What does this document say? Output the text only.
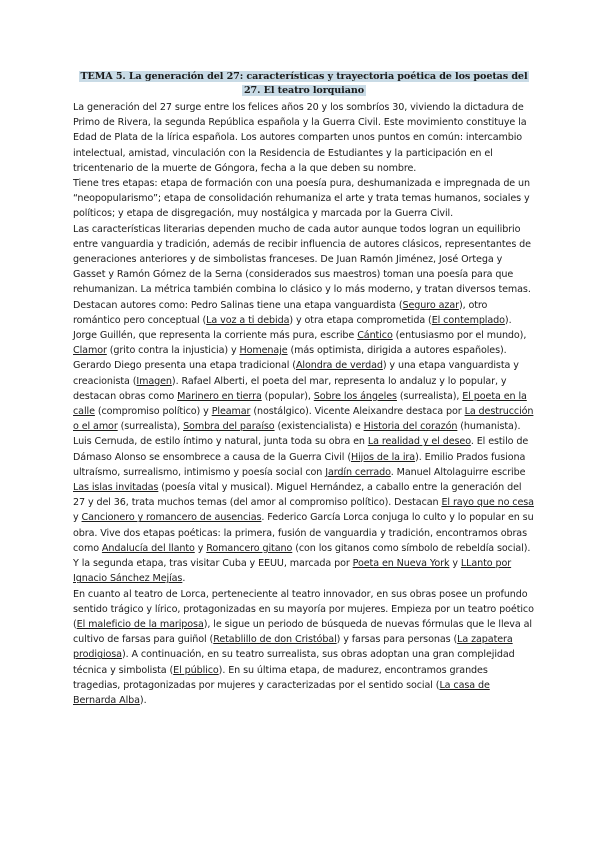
TEMA 5. La generación del 27: características y trayectoria poética de los poetas del 27. El teatro lorquiano

La generación del 27 surge entre los felices años 20 y los sombríos 30, viviendo la dictadura de Primo de Rivera, la segunda República española y la Guerra Civil. Este movimiento constituye la Edad de Plata de la lírica española. Los autores comparten unos puntos en común: intercambio intelectual, amistad, vinculación con la Residencia de Estudiantes y la participación en el tricentenario de la muerte de Góngora, fecha a la que deben su nombre.

Tiene tres etapas: etapa de formación con una poesía pura, deshumanizada e impregnada de un “neopopularismo”; etapa de consolidación rehumaniza el arte y trata temas humanos, sociales y políticos; y etapa de disgregación, muy nostálgica y marcada por la Guerra Civil.

Las características literarias dependen mucho de cada autor aunque todos logran un equilibrio entre vanguardia y tradición, además de recibir influencia de autores clásicos, representantes de generaciones anteriores y de simbolistas franceses. De Juan Ramón Jiménez, José Ortega y Gasset y Ramón Gómez de la Serna (considerados sus maestros) toman una poesía para que rehumanizan. La métrica también combina lo clásico y lo más moderno, y tratan diversos temas.

Destacan autores como: Pedro Salinas tiene una etapa vanguardista (Seguro azar), otro romántico pero conceptual (La voz a ti debida) y otra etapa comprometida (El contemplado). Jorge Guillén, que representa la corriente más pura, escribe Cántico (entusiasmo por el mundo), Clamor (grito contra la injusticia) y Homenaje (más optimista, dirigida a autores españoles). Gerardo Diego presenta una etapa tradicional (Alondra de verdad) y una etapa vanguardista y creacionista (Imagen). Rafael Alberti, el poeta del mar, representa lo andaluz y lo popular, y destacan obras como Marinero en tierra (popular), Sobre los ángeles (surrealista), El poeta en la calle (compromiso político) y Pleamar (nostálgico). Vicente Aleixandre destaca por La destrucción o el amor (surrealista), Sombra del paraíso (existencialista) e Historia del corazón (humanista). Luis Cernuda, de estilo íntimo y natural, junta toda su obra en La realidad y el deseo. El estilo de Dámaso Alonso se ensombrece a causa de la Guerra Civil (Hijos de la ira). Emilio Prados fusiona ultraísmo, surrealismo, intimismo y poesía social con Jardín cerrado. Manuel Altolaguirre escribe Las islas invitadas (poesía vital y musical). Miguel Hernández, a caballo entre la generación del 27 y del 36, trata muchos temas (del amor al compromiso político). Destacan El rayo que no cesa y Cancionero y romancero de ausencias. Federico García Lorca conjuga lo culto y lo popular en su obra. Vive dos etapas poéticas: la primera, fusión de vanguardia y tradición, encontramos obras como Andalucía del llanto y Romancero gitano (con los gitanos como símbolo de rebeldía social). Y la segunda etapa, tras visitar Cuba y EEUU, marcada por Poeta en Nueva York y LLanto por Ignacio Sánchez Mejías.

En cuanto al teatro de Lorca, perteneciente al teatro innovador, en sus obras posee un profundo sentido trágico y lírico, protagonizadas en su mayoría por mujeres. Empieza por un teatro poético (El maleficio de la mariposa), le sigue un periodo de búsqueda de nuevas fórmulas que le lleva al cultivo de farsas para guiñol (Retablillo de don Cristóbal) y farsas para personas (La zapatera prodigiosa). A continuación, en su teatro surrealista, sus obras adoptan una gran complejidad técnica y simbolista (El público). En su última etapa, de madurez, encontramos grandes tragedias, protagonizadas por mujeres y caracterizadas por el sentido social (La casa de Bernarda Alba).
